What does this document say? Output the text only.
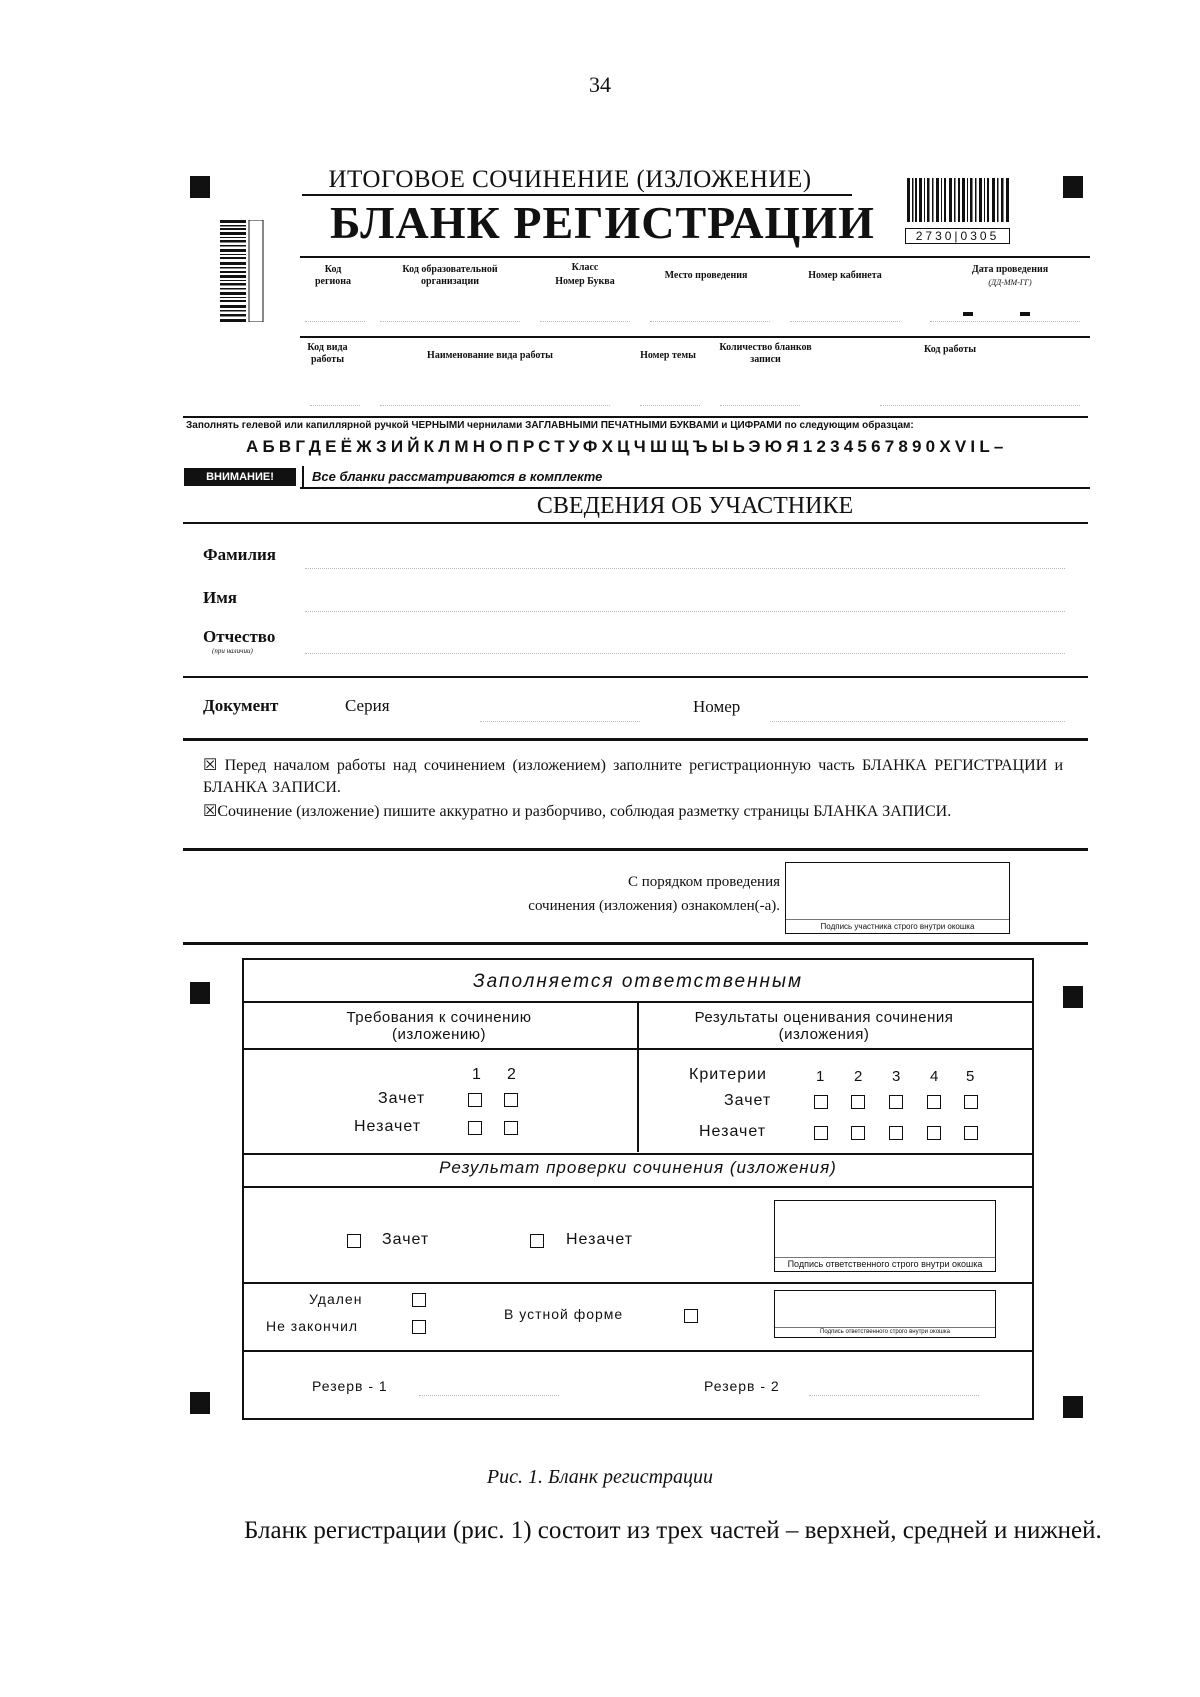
34
ИТОГОВОЕ СОЧИНЕНИЕ (ИЗЛОЖЕНИЕ)
БЛАНК РЕГИСТРАЦИИ	2730|0305
Код региона
Код образовательной организации
Класс
Номер Буква
Место проведения	Номер кабинета
Дата проведения
(ДД-ММ-ГГ)
Код вида работы	Наименование вида работы	Номер темы
Количество бланков записи
Код работы
Заполнять гелевой или капиллярной ручкой ЧЕРНЫМИ чернилами ЗАГЛАВНЫМИ ПЕЧАТНЫМИ БУКВАМИ и ЦИФРАМИ по следующим образцам:
АБВГДЕЁЖЗИЙКЛМНОПРСТУФХЦЧШЩЪЫЬЭЮЯ1234567890XVIL–
ВНИМАНИЕ!	Все бланки рассматриваются в комплекте
СВЕДЕНИЯ ОБ УЧАСТНИКЕ
Фамилия
Имя
Отчество
(при наличии)
Документ	Серия	Номер
☒ Перед началом работы над сочинением (изложением) заполните регистрационную часть БЛАНКА РЕГИСТРАЦИИ и БЛАНКА ЗАПИСИ.
☒Сочинение (изложение) пишите аккуратно и разборчиво, соблюдая разметку страницы БЛАНКА ЗАПИСИ.
С порядком проведения
сочинения (изложения) ознакомлен(-а).
Подпись участника строго внутри окошка
Заполняется ответственным
Требования к сочинению (изложению)
Результаты оценивания сочинения (изложения)
1 2
Зачет
Незачет
Критерии	1 2 3 4 5
Зачет
Незачет
Результат проверки сочинения (изложения)
Зачет	Незачет
Подпись ответственного строго внутри окошка
Удален
Не закончил
В устной форме
Подпись ответственного строго внутри окошка
Резерв - 1	Резерв - 2
Рис. 1. Бланк регистрации
Бланк регистрации (рис. 1) состоит из трех частей – верхней, средней и нижней.
